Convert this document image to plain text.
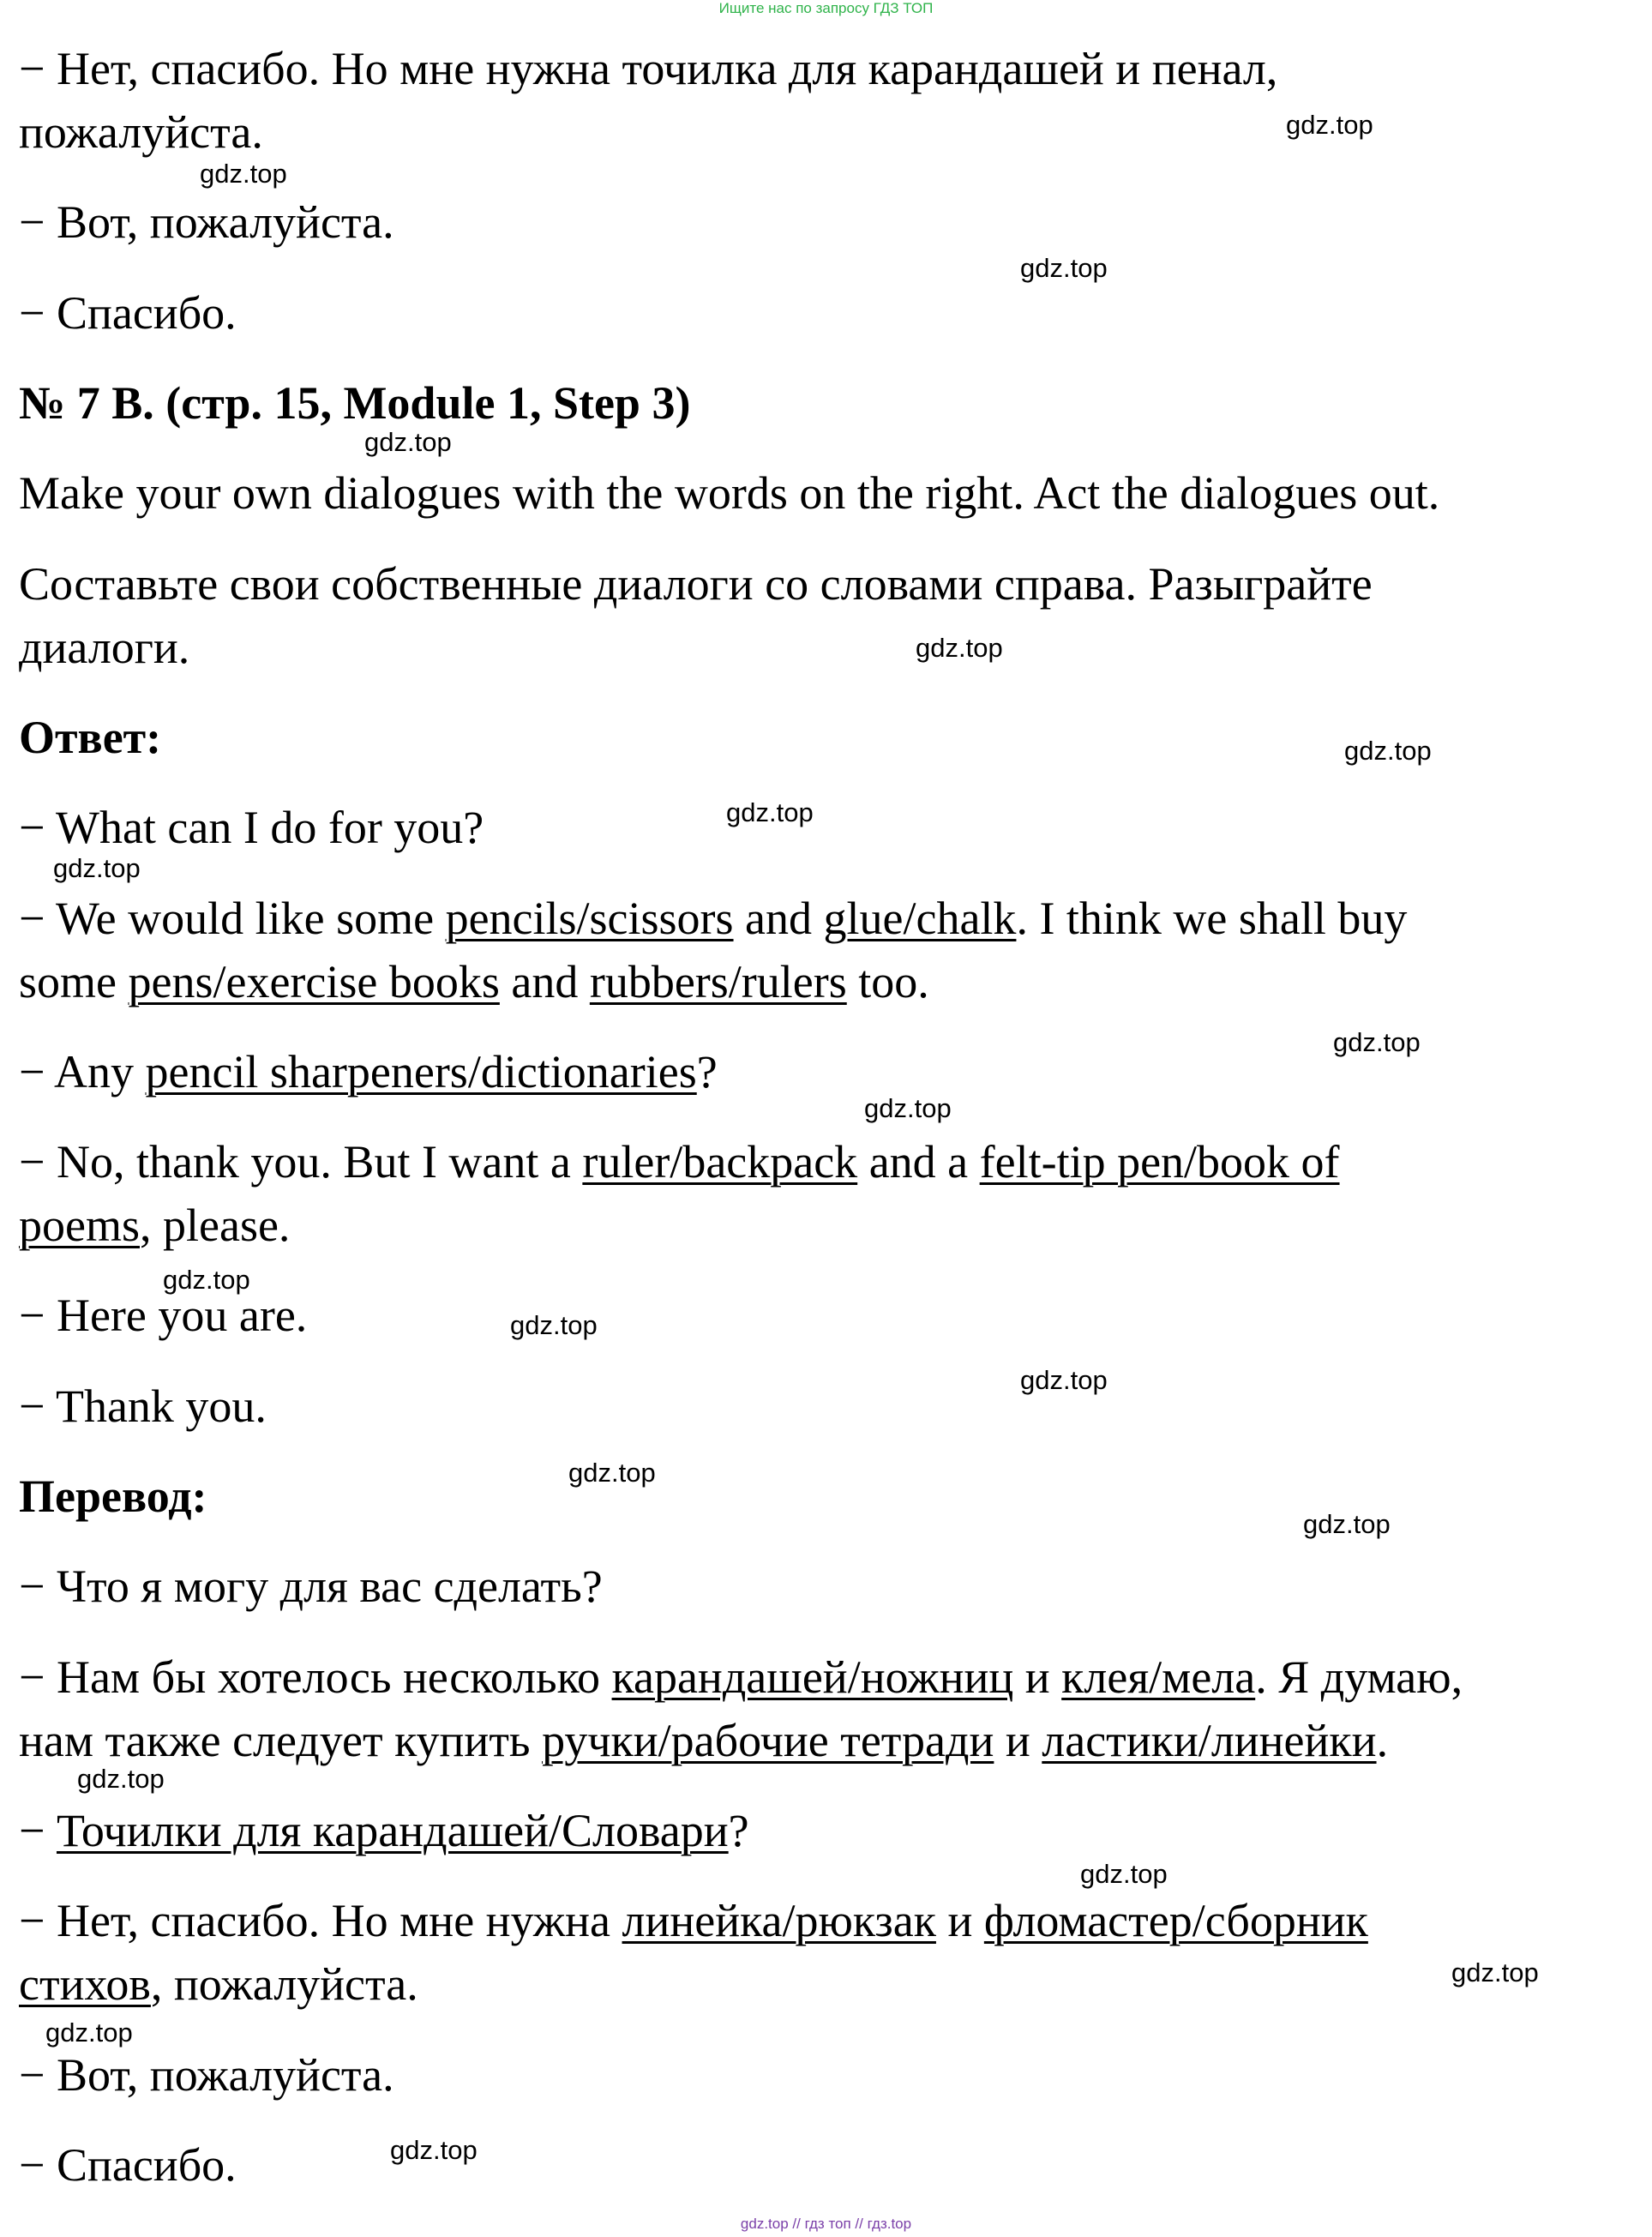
Ищите нас по запросу ГДЗ ТОП

− Нет, спасибо. Но мне нужна точилка для карандашей и пенал,

пожалуйста.

− Вот, пожалуйста.

− Спасибо.

№ 7 B. (стр. 15, Module 1, Step 3)

Make your own dialogues with the words on the right. Act the dialogues out.

Составьте свои собственные диалоги со словами справа. Разыграйте

диалоги.

Ответ:

− What can I do for you?

− We would like some pencils/scissors and glue/chalk. I think we shall buy

some pens/exercise books and rubbers/rulers too.

− Any pencil sharpeners/dictionaries?

− No, thank you. But I want a ruler/backpack and a felt-tip pen/book of

poems, please.

− Here you are.

− Thank you.

Перевод:

− Что я могу для вас сделать?

− Нам бы хотелось несколько карандашей/ножниц и клея/мела. Я думаю,

нам также следует купить ручки/рабочие тетради и ластики/линейки.

− Точилки для карандашей/Словари?

− Нет, спасибо. Но мне нужна линейка/рюкзак и фломастер/сборник

стихов, пожалуйста.

− Вот, пожалуйста.

− Спасибо.

gdz.top
gdz.top
gdz.top
gdz.top
gdz.top
gdz.top
gdz.top
gdz.top
gdz.top
gdz.top
gdz.top
gdz.top
gdz.top
gdz.top
gdz.top
gdz.top
gdz.top
gdz.top
gdz.top
gdz.top
gdz.top // гдз топ // гдз.top
